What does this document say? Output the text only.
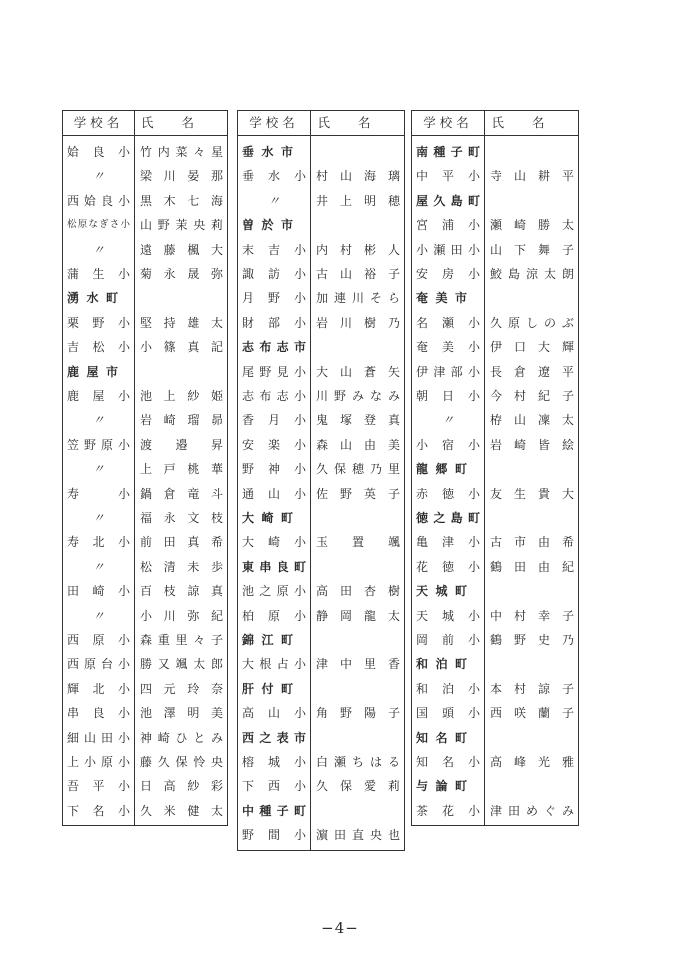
学校名	氏名
姶良小 竹内菜々星
〃	梁川晏那
西姶良小 黒木七海
松原なぎさ小 山野茉央莉
〃	遠藤楓大
蒲生小 菊永晟弥
湧水町
栗野小 堅持雄太
吉松小 小篠真記
鹿屋市
鹿屋小 池上紗姫
〃	岩崎瑠昴
笠野原小 渡邉昇
〃	上戸桃華
寿小 鍋倉竜斗
〃	福永文枝
寿北小 前田真希
〃	松清未歩
田崎小 百枝諒真
〃	小川弥紀
西原小 森重里々子
西原台小 勝又颯太郎
輝北小 四元玲奈
串良小 池澤明美
細山田小 神崎ひとみ
上小原小 藤久保怜央
吾平小 日高紗彩
下名小 久米健太
学校名	氏名
垂水市
垂水小 村山海璃
〃	井上明穂
曽於市
末吉小 内村彬人
諏訪小 古山裕子
月野小 加連川そら
財部小 岩川樹乃
志布志市
尾野見小 大山蒼矢
志布志小 川野みなみ
香月小 鬼塚登真
安楽小 森山由美
野神小 久保穂乃里
通山小 佐野英子
大崎町
大崎小 玉置颯
東串良町
池之原小 高田杏樹
柏原小 静岡龍太
錦江町
大根占小 津中里香
肝付町
高山小 角野陽子
西之表市
榕城小 白瀬ちはる
下西小 久保愛莉
中種子町
野間小 濵田直央也
学校名	氏名
南種子町
中平小 寺山耕平
屋久島町
宮浦小 瀬崎勝太
小瀬田小 山下舞子
安房小 鮫島涼太朗
奄美市
名瀬小 久原しのぶ
奄美小 伊口大輝
伊津部小 長倉遼平
朝日小 今村紀子
〃	栫山凜太
小宿小 岩崎皆絵
龍郷町
赤徳小 友生貴大
徳之島町
亀津小 古市由希
花徳小 鶴田由紀
天城町
天城小 中村幸子
岡前小 鶴野史乃
和泊町
和泊小 本村諒子
国頭小 西咲蘭子
知名町
知名小 高峰光雅
与論町
茶花小 津田めぐみ
−4−
